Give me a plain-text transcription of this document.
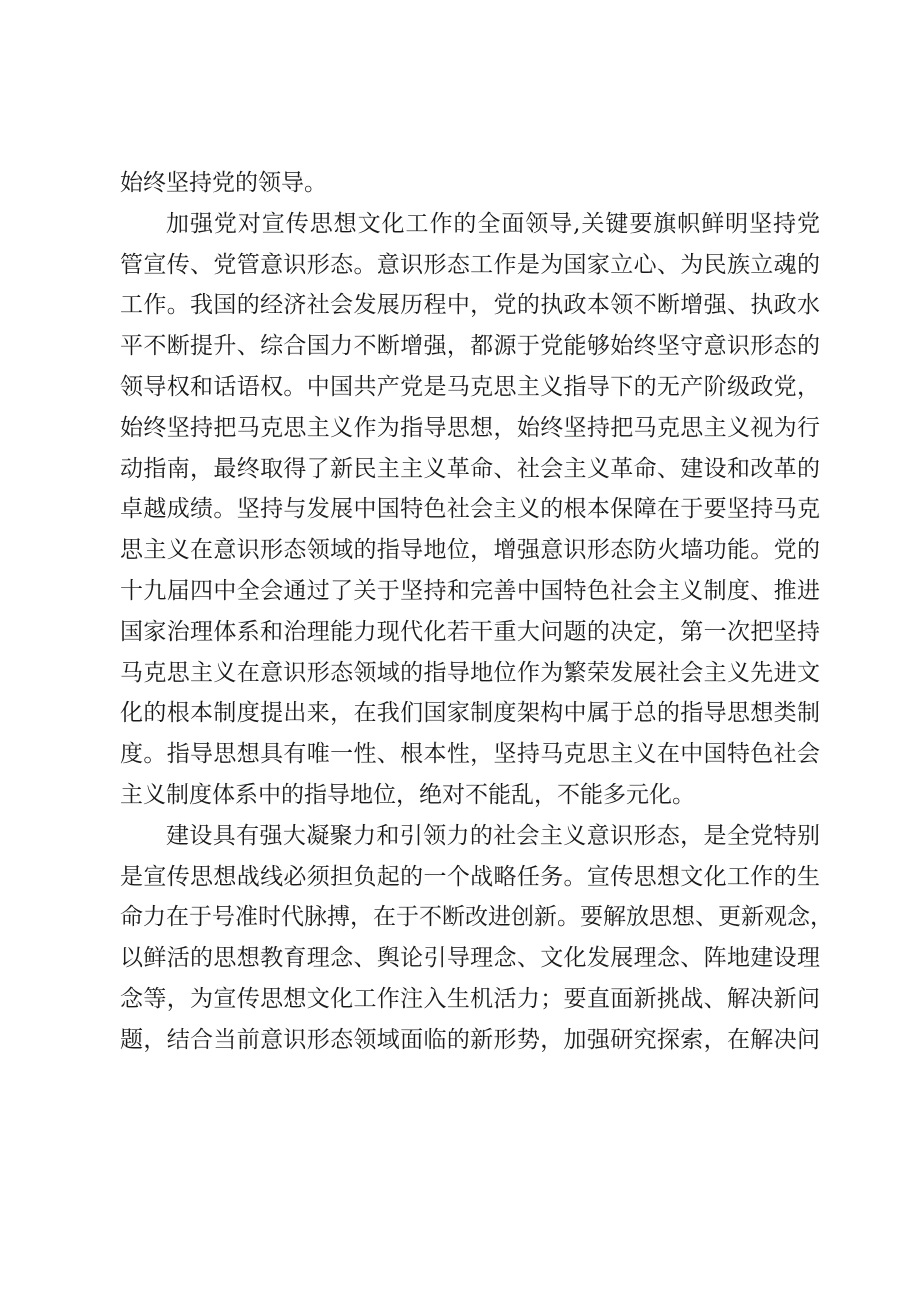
始终坚持党的领导。
加强党对宣传思想文化工作的全面领导,关键要旗帜鲜明坚持党
管宣传、党管意识形态。意识形态工作是为国家立心、为民族立魂的
工作。我国的经济社会发展历程中，党的执政本领不断增强、执政水
平不断提升、综合国力不断增强，都源于党能够始终坚守意识形态的
领导权和话语权。中国共产党是马克思主义指导下的无产阶级政党，
始终坚持把马克思主义作为指导思想，始终坚持把马克思主义视为行
动指南，最终取得了新民主主义革命、社会主义革命、建设和改革的
卓越成绩。坚持与发展中国特色社会主义的根本保障在于要坚持马克
思主义在意识形态领域的指导地位，增强意识形态防火墙功能。党的
十九届四中全会通过了关于坚持和完善中国特色社会主义制度、推进
国家治理体系和治理能力现代化若干重大问题的决定，第一次把坚持
马克思主义在意识形态领域的指导地位作为繁荣发展社会主义先进文
化的根本制度提出来，在我们国家制度架构中属于总的指导思想类制
度。指导思想具有唯一性、根本性，坚持马克思主义在中国特色社会
主义制度体系中的指导地位，绝对不能乱，不能多元化。
建设具有强大凝聚力和引领力的社会主义意识形态，是全党特别
是宣传思想战线必须担负起的一个战略任务。宣传思想文化工作的生
命力在于号准时代脉搏，在于不断改进创新。要解放思想、更新观念，
以鲜活的思想教育理念、舆论引导理念、文化发展理念、阵地建设理
念等，为宣传思想文化工作注入生机活力；要直面新挑战、解决新问
题，结合当前意识形态领域面临的新形势，加强研究探索，在解决问
